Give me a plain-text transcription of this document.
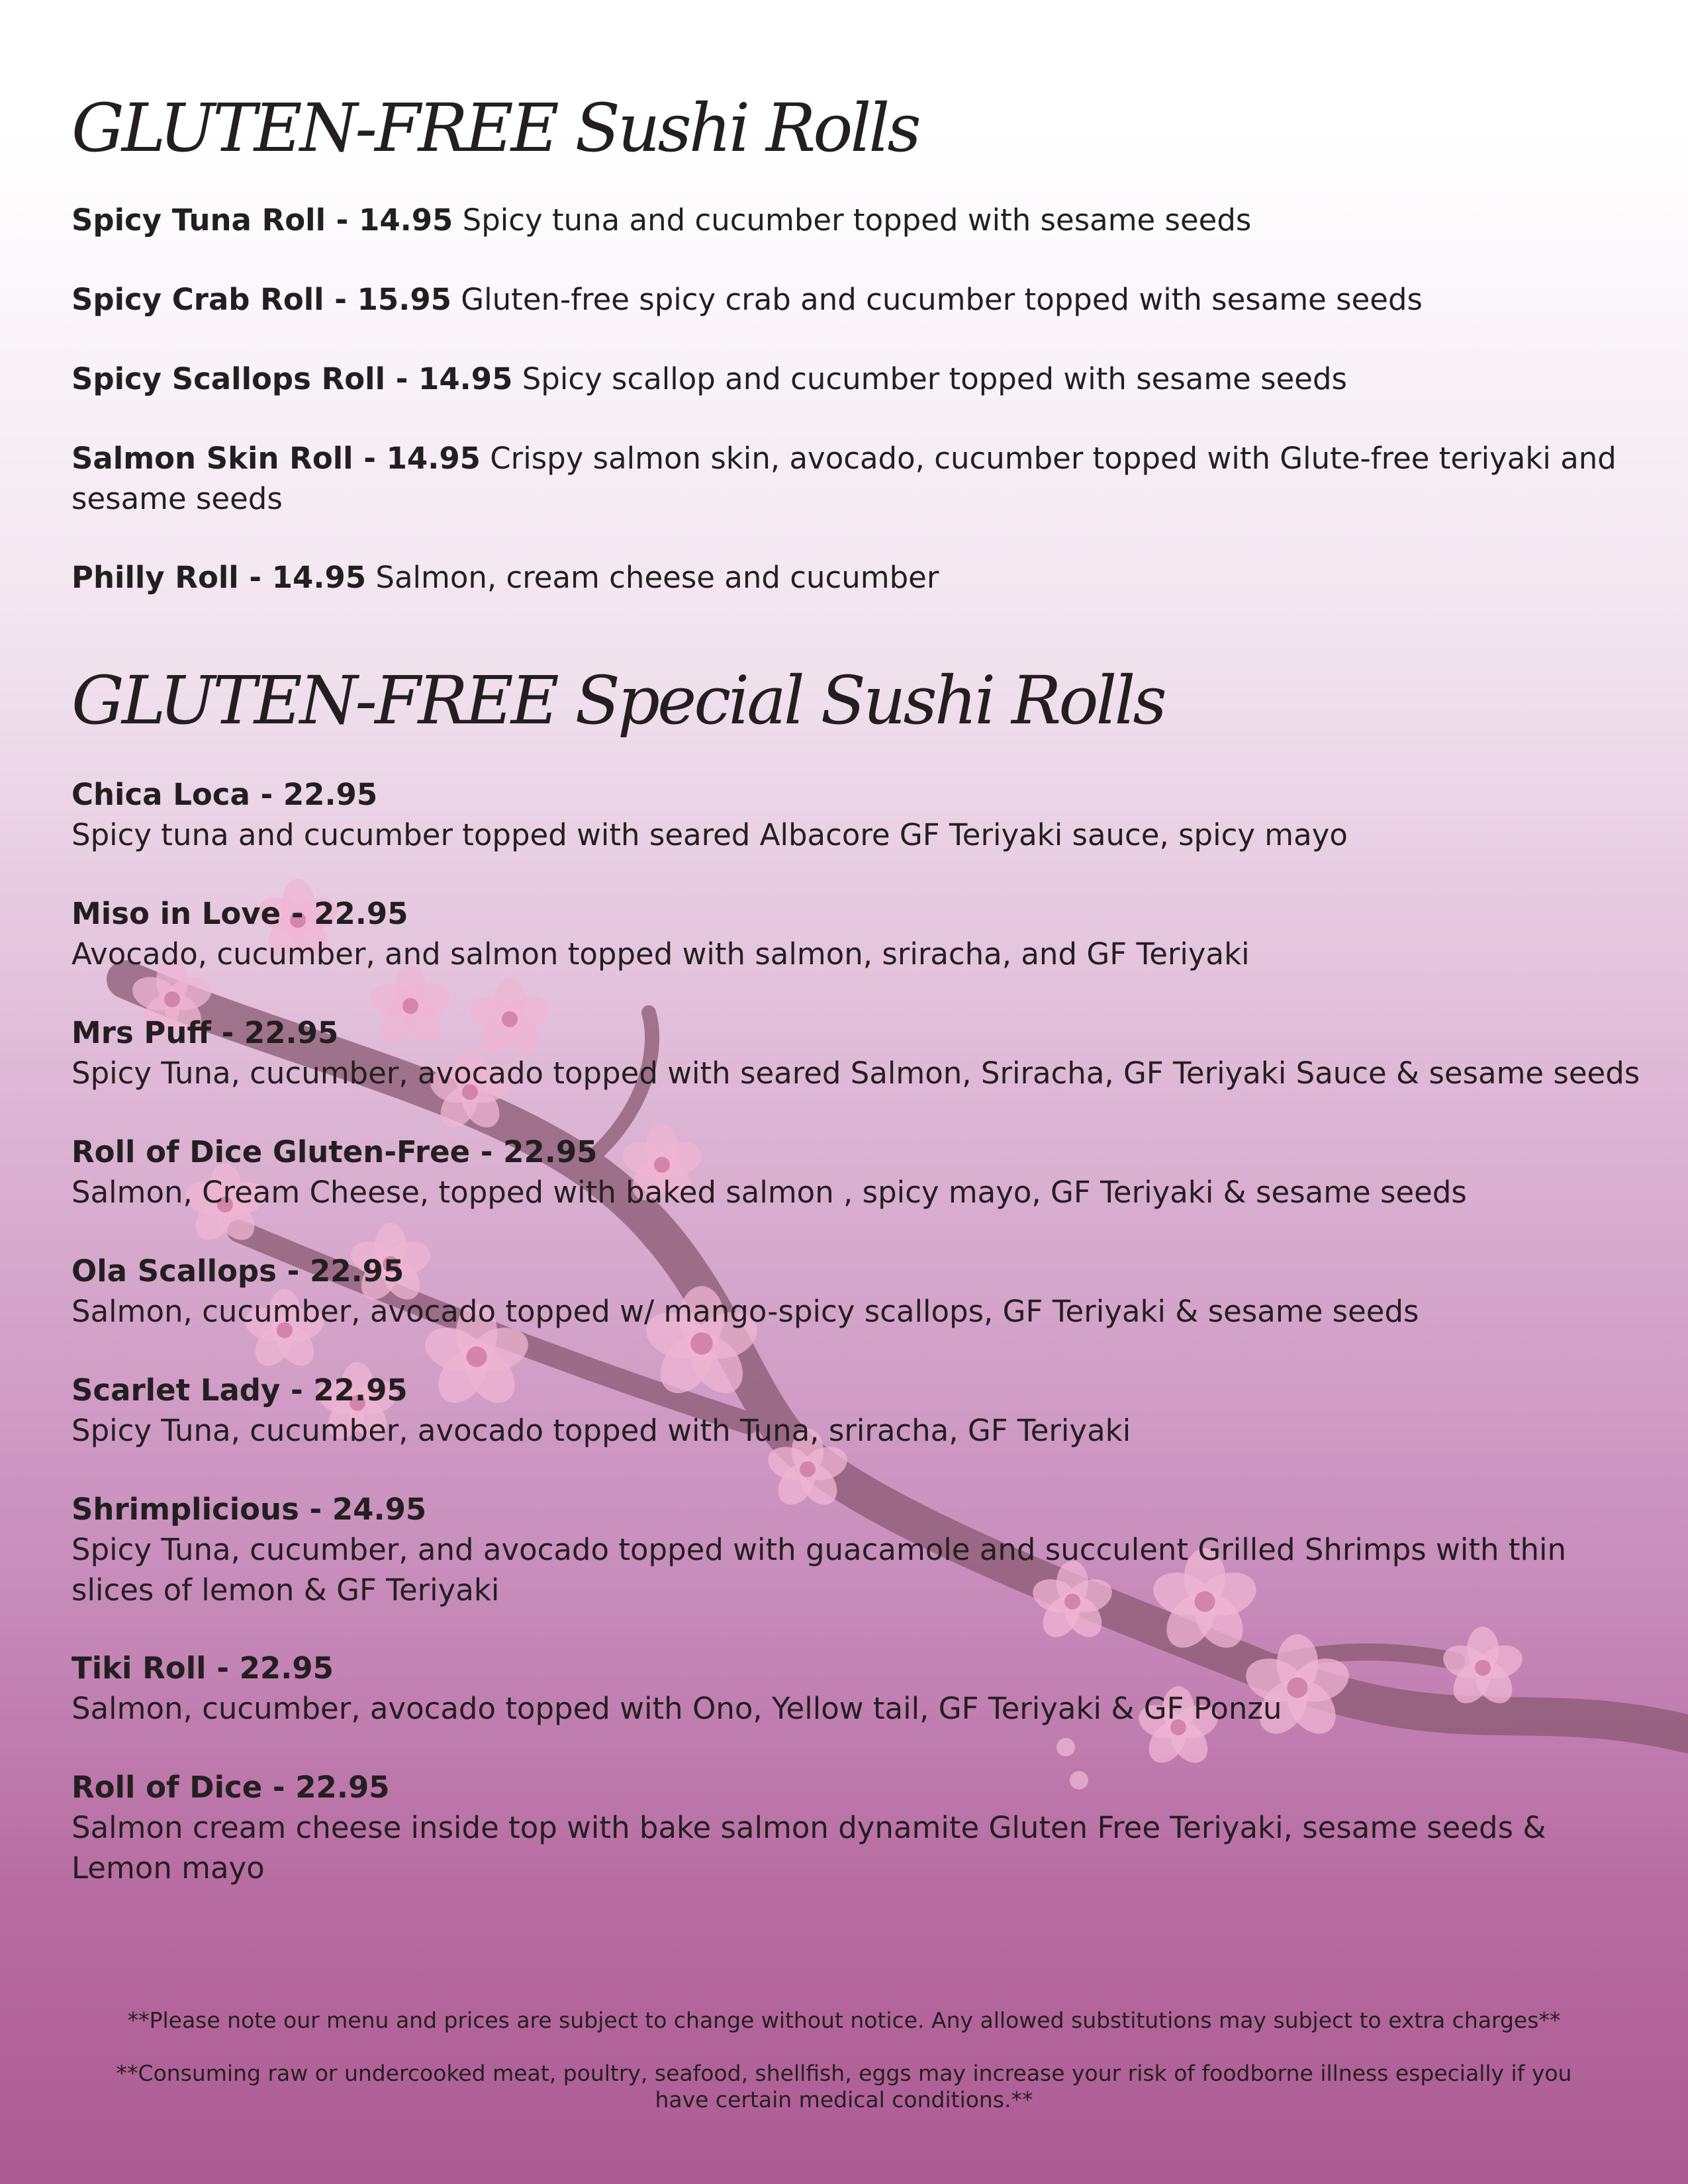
GLUTEN-FREE Sushi Rolls
Spicy Tuna Roll - 14.95 Spicy tuna and cucumber topped with sesame seeds
Spicy Crab Roll - 15.95 Gluten-free spicy crab and cucumber topped with sesame seeds
Spicy Scallops Roll - 14.95 Spicy scallop and cucumber topped with sesame seeds
Salmon Skin Roll - 14.95 Crispy salmon skin, avocado, cucumber topped with Glute-free teriyaki and sesame seeds
Philly Roll - 14.95 Salmon, cream cheese and cucumber
GLUTEN-FREE Special Sushi Rolls
Chica Loca - 22.95
Spicy tuna and cucumber topped with seared Albacore GF Teriyaki sauce, spicy mayo
Miso in Love - 22.95
Avocado, cucumber, and salmon topped with salmon, sriracha, and GF Teriyaki
Mrs Puff - 22.95
Spicy Tuna, cucumber, avocado topped with seared Salmon, Sriracha, GF Teriyaki Sauce & sesame seeds
Roll of Dice Gluten-Free - 22.95
Salmon, Cream Cheese, topped with baked salmon , spicy mayo, GF Teriyaki & sesame seeds
Ola Scallops - 22.95
Salmon, cucumber, avocado topped w/ mango-spicy scallops, GF Teriyaki & sesame seeds
Scarlet Lady - 22.95
Spicy Tuna, cucumber, avocado topped with Tuna, sriracha, GF Teriyaki
Shrimplicious - 24.95
Spicy Tuna, cucumber, and avocado topped with guacamole and succulent Grilled Shrimps with thin slices of lemon & GF Teriyaki
Tiki Roll - 22.95
Salmon, cucumber, avocado topped with Ono, Yellow tail, GF Teriyaki & GF Ponzu
Roll of Dice - 22.95
Salmon cream cheese inside top with bake salmon dynamite Gluten Free Teriyaki, sesame seeds & Lemon mayo

**Please note our menu and prices are subject to change without notice. Any allowed substitutions may subject to extra charges**

**Consuming raw or undercooked meat, poultry, seafood, shellfish, eggs may increase your risk of foodborne illness especially if you have certain medical conditions.**
